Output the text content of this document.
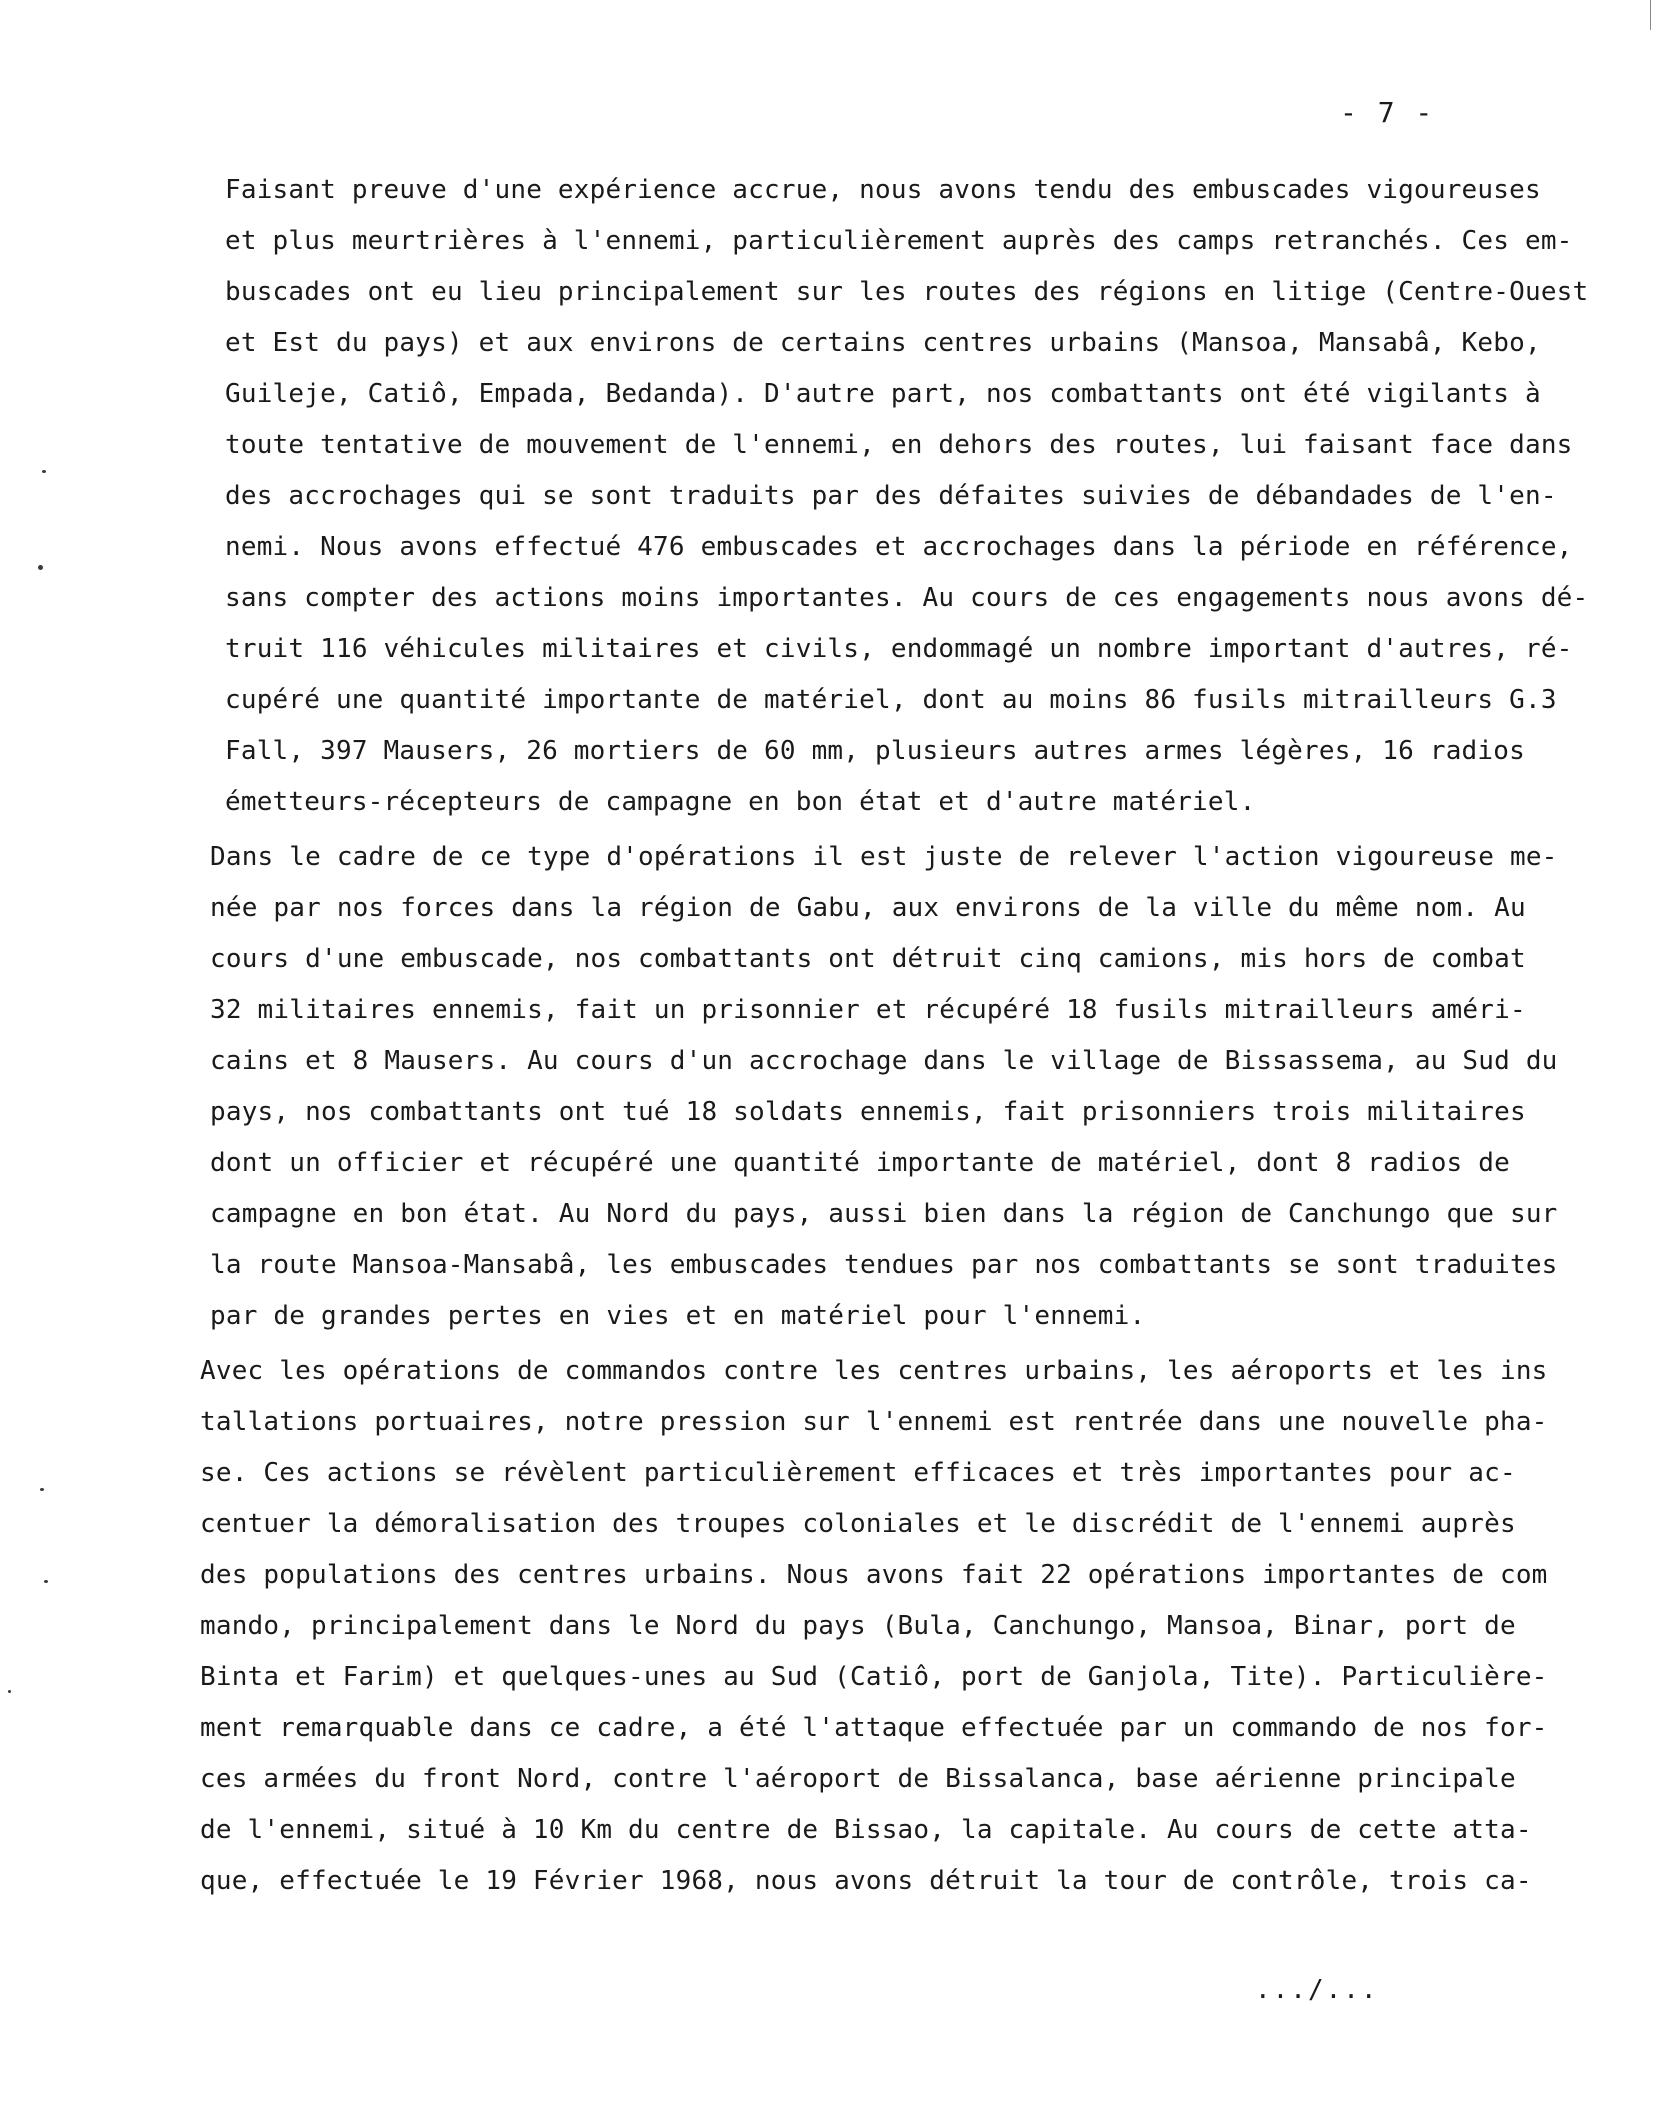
- 7 -
Faisant preuve d'une expérience accrue, nous avons tendu des embuscades vigoureuses
et plus meurtrières à l'ennemi, particulièrement auprès des camps retranchés. Ces em-
buscades ont eu lieu principalement sur les routes des régions en litige (Centre-Ouest
et Est du pays) et aux environs de certains centres urbains (Mansoa, Mansabâ, Kebo,
Guileje, Catiô, Empada, Bedanda). D'autre part, nos combattants ont été vigilants à
toute tentative de mouvement de l'ennemi, en dehors des routes, lui faisant face dans
des accrochages qui se sont traduits par des défaites suivies de débandades de l'en-
nemi. Nous avons effectué 476 embuscades et accrochages dans la période en référence,
sans compter des actions moins importantes. Au cours de ces engagements nous avons dé-
truit 116 véhicules militaires et civils, endommagé un nombre important d'autres, ré-
cupéré une quantité importante de matériel, dont au moins 86 fusils mitrailleurs G.3
Fall, 397 Mausers, 26 mortiers de 60 mm, plusieurs autres armes légères, 16 radios
émetteurs-récepteurs de campagne en bon état et d'autre matériel.
Dans le cadre de ce type d'opérations il est juste de relever l'action vigoureuse me-
née par nos forces dans la région de Gabu, aux environs de la ville du même nom. Au
cours d'une embuscade, nos combattants ont détruit cinq camions, mis hors de combat
32 militaires ennemis, fait un prisonnier et récupéré 18 fusils mitrailleurs améri-
cains et 8 Mausers. Au cours d'un accrochage dans le village de Bissassema, au Sud du
pays, nos combattants ont tué 18 soldats ennemis, fait prisonniers trois militaires
dont un officier et récupéré une quantité importante de matériel, dont 8 radios de
campagne en bon état. Au Nord du pays, aussi bien dans la région de Canchungo que sur
la route Mansoa-Mansabâ, les embuscades tendues par nos combattants se sont traduites
par de grandes pertes en vies et en matériel pour l'ennemi.
Avec les opérations de commandos contre les centres urbains, les aéroports et les ins
tallations portuaires, notre pression sur l'ennemi est rentrée dans une nouvelle pha-
se. Ces actions se révèlent particulièrement efficaces et très importantes pour ac-
centuer la démoralisation des troupes coloniales et le discrédit de l'ennemi auprès
des populations des centres urbains. Nous avons fait 22 opérations importantes de com
mando, principalement dans le Nord du pays (Bula, Canchungo, Mansoa, Binar, port de
Binta et Farim) et quelques-unes au Sud (Catiô, port de Ganjola, Tite). Particulière-
ment remarquable dans ce cadre, a été l'attaque effectuée par un commando de nos for-
ces armées du front Nord, contre l'aéroport de Bissalanca, base aérienne principale
de l'ennemi, situé à 10 Km du centre de Bissao, la capitale. Au cours de cette atta-
que, effectuée le 19 Février 1968, nous avons détruit la tour de contrôle, trois ca-
.../...
